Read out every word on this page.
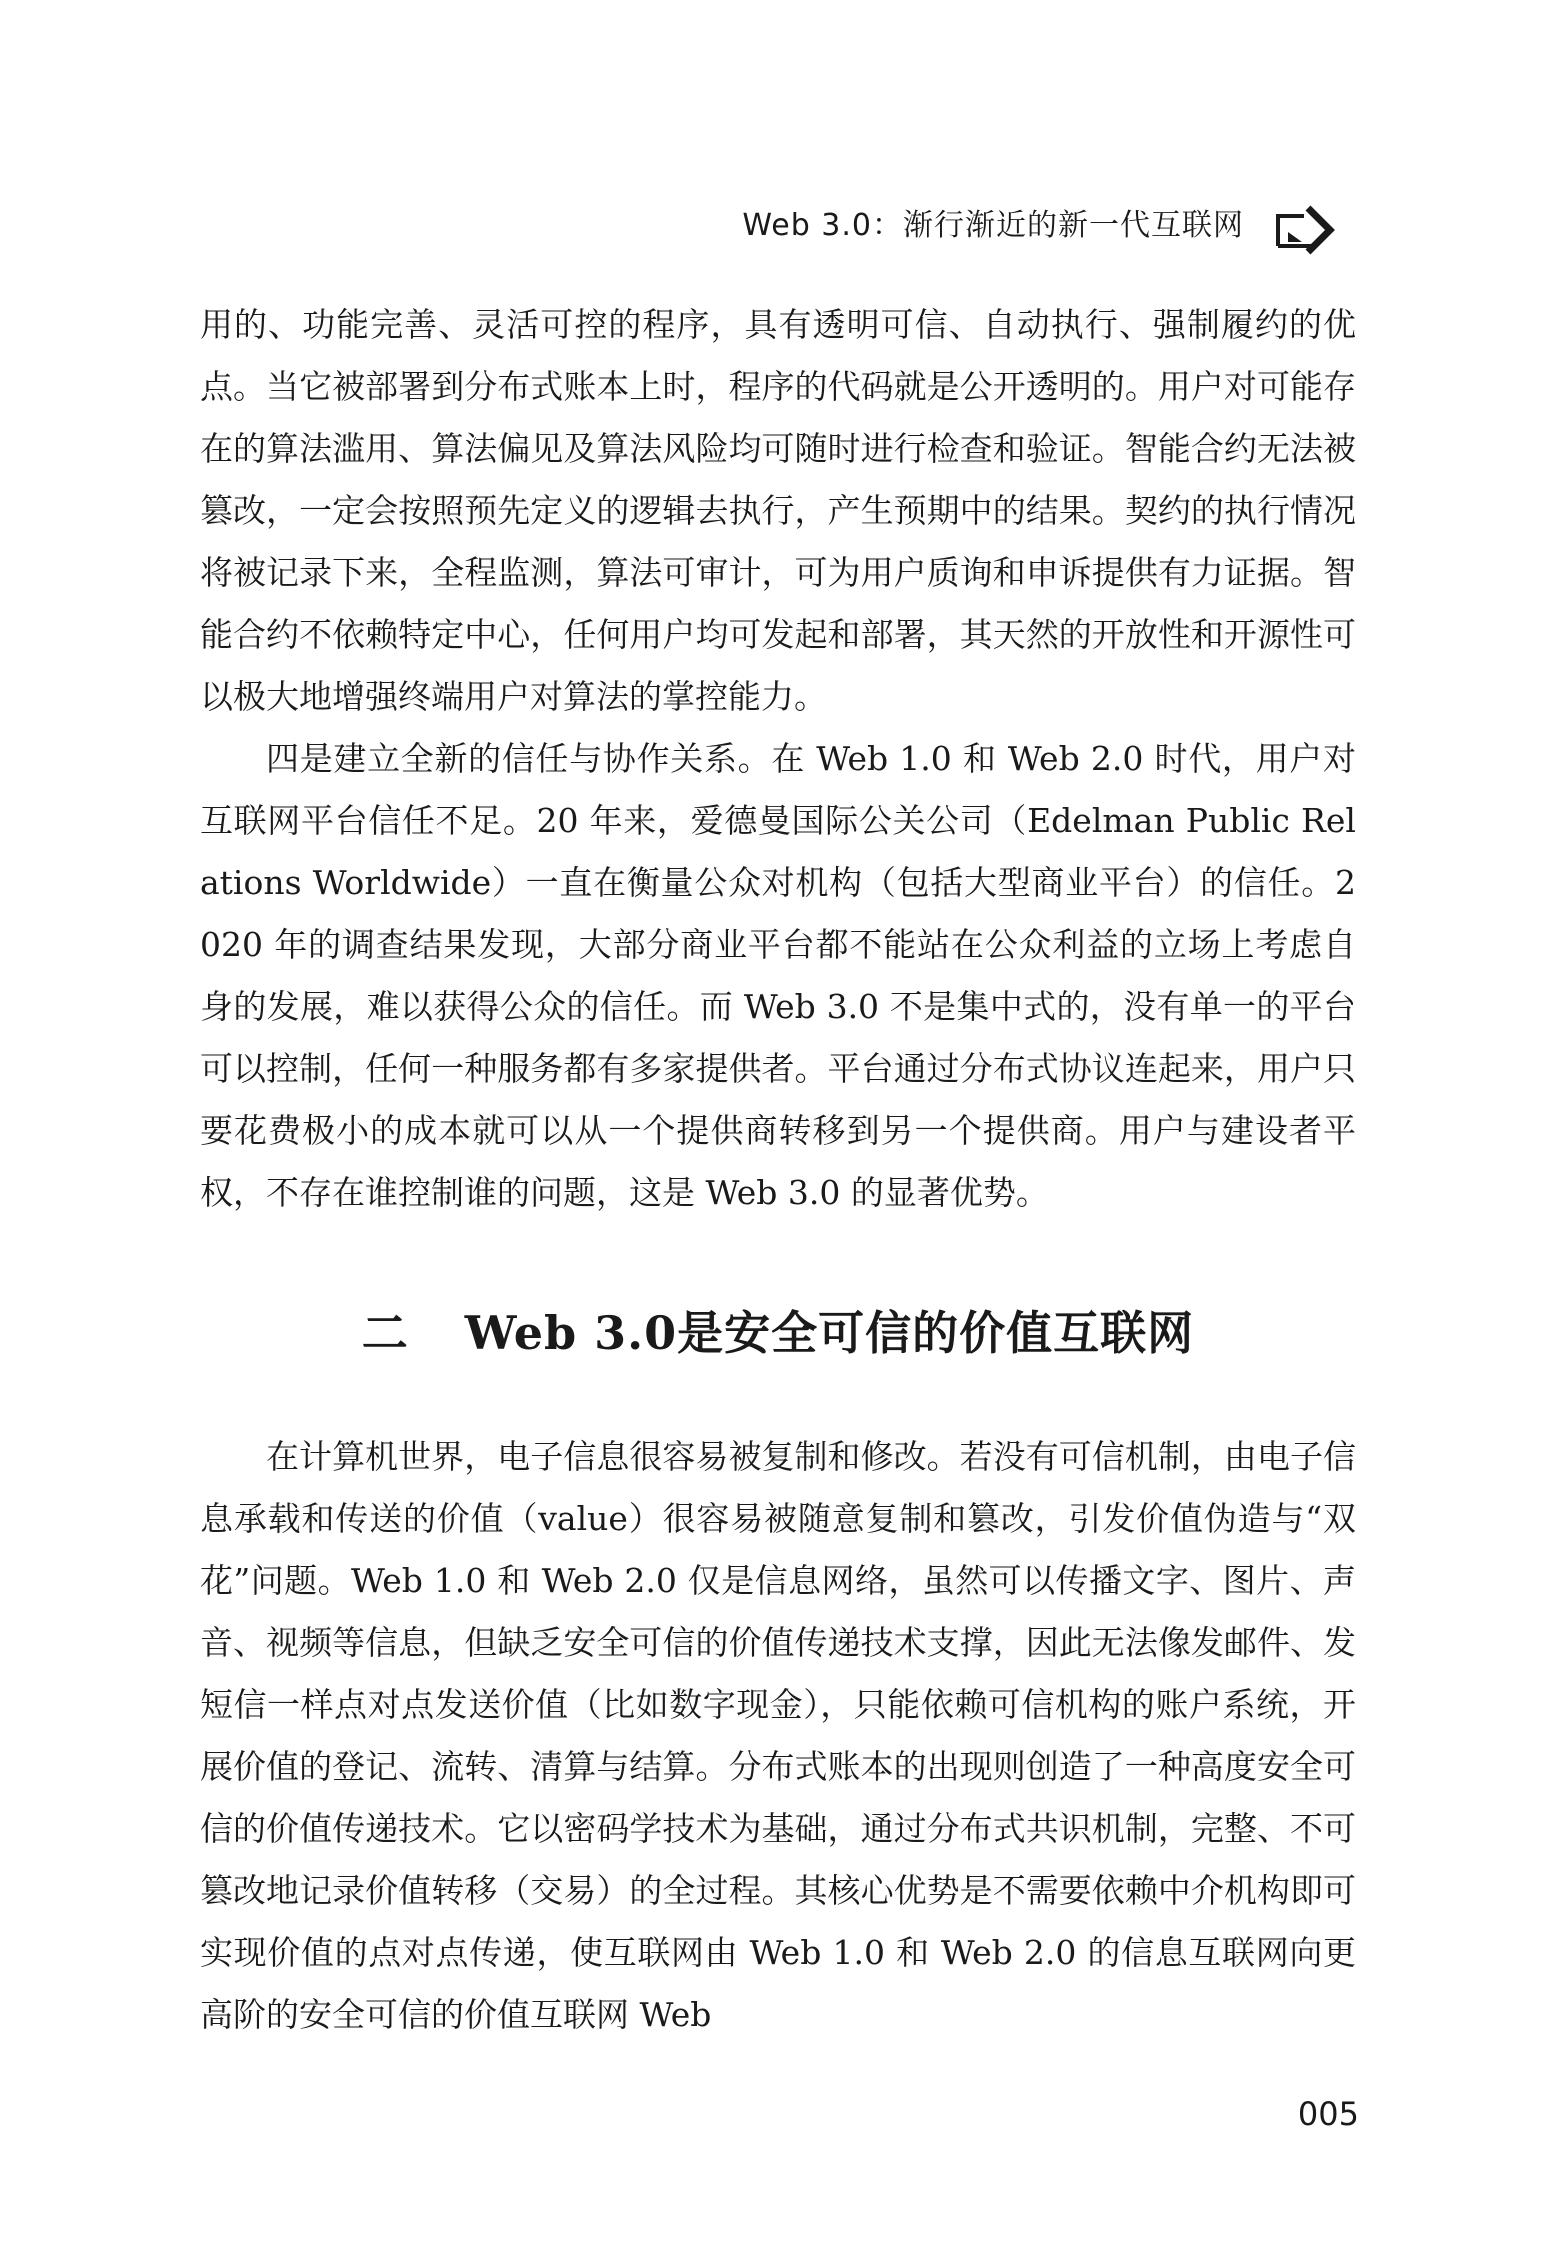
Web 3.0：渐行渐近的新一代互联网

用的、功能完善、灵活可控的程序，具有透明可信、自动执行、强制履约的优点。当它被部署到分布式账本上时，程序的代码就是公开透明的。用户对可能存在的算法滥用、算法偏见及算法风险均可随时进行检查和验证。智能合约无法被篡改，一定会按照预先定义的逻辑去执行，产生预期中的结果。契约的执行情况将被记录下来，全程监测，算法可审计，可为用户质询和申诉提供有力证据。智能合约不依赖特定中心，任何用户均可发起和部署，其天然的开放性和开源性可以极大地增强终端用户对算法的掌控能力。

四是建立全新的信任与协作关系。在 Web 1.0 和 Web 2.0 时代，用户对互联网平台信任不足。20 年来，爱德曼国际公关公司（Edelman Public Relations Worldwide）一直在衡量公众对机构（包括大型商业平台）的信任。2020 年的调查结果发现，大部分商业平台都不能站在公众利益的立场上考虑自身的发展，难以获得公众的信任。而 Web 3.0 不是集中式的，没有单一的平台可以控制，任何一种服务都有多家提供者。平台通过分布式协议连起来，用户只要花费极小的成本就可以从一个提供商转移到另一个提供商。用户与建设者平权，不存在谁控制谁的问题，这是 Web 3.0 的显著优势。

二 Web 3.0是安全可信的价值互联网

在计算机世界，电子信息很容易被复制和修改。若没有可信机制，由电子信息承载和传送的价值（value）很容易被随意复制和篡改，引发价值伪造与“双花”问题。Web 1.0 和 Web 2.0 仅是信息网络，虽然可以传播文字、图片、声音、视频等信息，但缺乏安全可信的价值传递技术支撑，因此无法像发邮件、发短信一样点对点发送价值（比如数字现金），只能依赖可信机构的账户系统，开展价值的登记、流转、清算与结算。分布式账本的出现则创造了一种高度安全可信的价值传递技术。它以密码学技术为基础，通过分布式共识机制，完整、不可篡改地记录价值转移（交易）的全过程。其核心优势是不需要依赖中介机构即可实现价值的点对点传递，使互联网由 Web 1.0 和 Web 2.0 的信息互联网向更高阶的安全可信的价值互联网 Web

005
